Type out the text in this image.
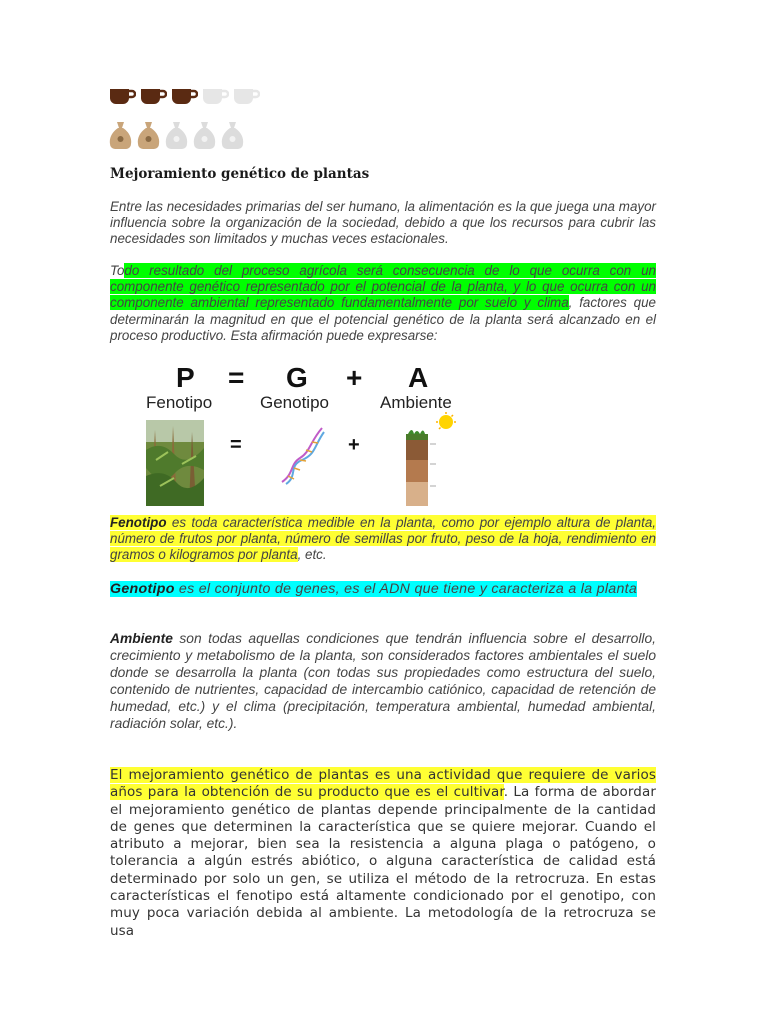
Mejoramiento genético de plantas

Entre las necesidades primarias del ser humano, la alimentación es la que juega una mayor influencia sobre la organización de la sociedad, debido a que los recursos para cubrir las necesidades son limitados y muchas veces estacionales.

Todo resultado del proceso agrícola será consecuencia de lo que ocurra con un componente genético representado por el potencial de la planta, y lo que ocurra con un componente ambiental representado fundamentalmente por suelo y clima, factores que determinarán la magnitud en que el potencial genético de la planta será alcanzado en el proceso productivo. Esta afirmación puede expresarse:

P = G + A
Fenotipo	Genotipo	Ambiente
=	+

Fenotipo es toda característica medible en la planta, como por ejemplo altura de planta, número de frutos por planta, número de semillas por fruto, peso de la hoja, rendimiento en gramos o kilogramos por planta, etc.

Genotipo es el conjunto de genes, es el ADN que tiene y caracteriza a la planta

Ambiente son todas aquellas condiciones que tendrán influencia sobre el desarrollo, crecimiento y metabolismo de la planta, son considerados factores ambientales el suelo donde se desarrolla la planta (con todas sus propiedades como estructura del suelo, contenido de nutrientes, capacidad de intercambio catiónico, capacidad de retención de humedad, etc.) y el clima (precipitación, temperatura ambiental, humedad ambiental, radiación solar, etc.).

El mejoramiento genético de plantas es una actividad que requiere de varios años para la obtención de su producto que es el cultivar. La forma de abordar el mejoramiento genético de plantas depende principalmente de la cantidad de genes que determinen la característica que se quiere mejorar. Cuando el atributo a mejorar, bien sea la resistencia a alguna plaga o patógeno, o tolerancia a algún estrés abiótico, o alguna característica de calidad está determinado por solo un gen, se utiliza el método de la retrocruza. En estas características el fenotipo está altamente condicionado por el genotipo, con muy poca variación debida al ambiente. La metodología de la retrocruza se usa
